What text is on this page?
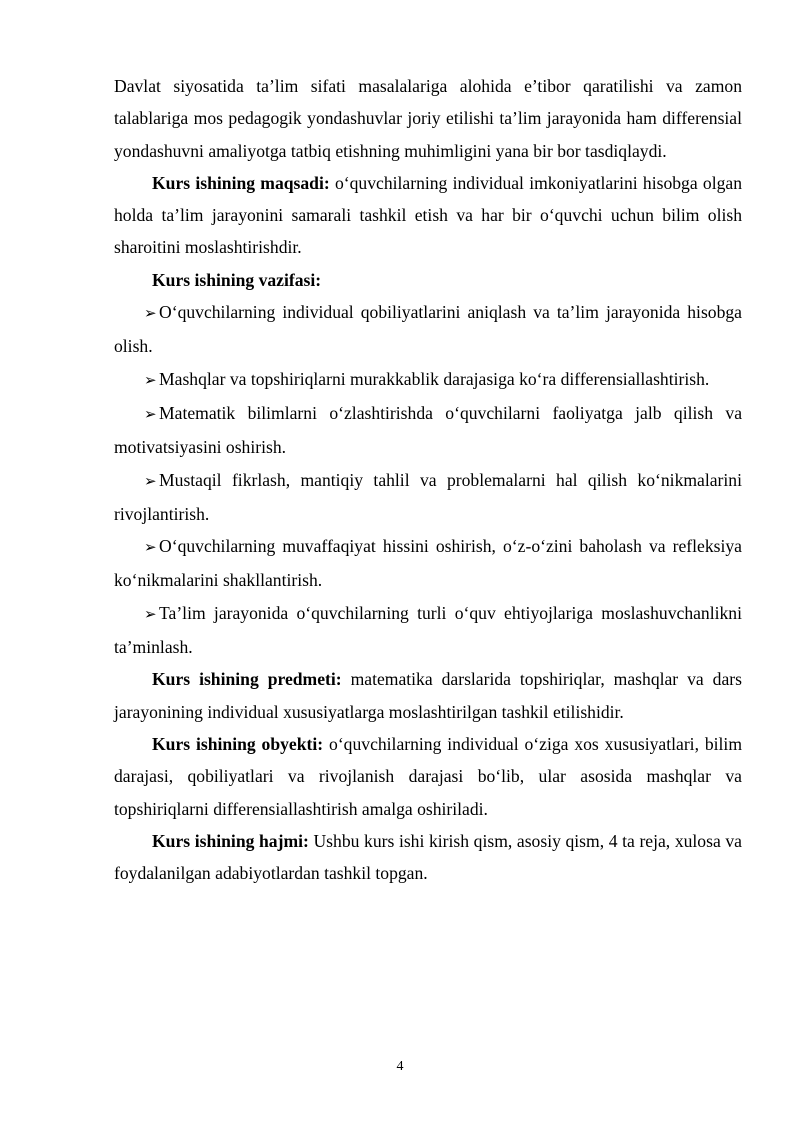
Davlat siyosatida ta’lim sifati masalalariga alohida e’tibor qaratilishi va zamon talablariga mos pedagogik yondashuvlar joriy etilishi ta’lim jarayonida ham differensial yondashuvni amaliyotga tatbiq etishning muhimligini yana bir bor tasdiqlaydi.

Kurs ishining maqsadi: o‘quvchilarning individual imkoniyatlarini hisobga olgan holda ta’lim jarayonini samarali tashkil etish va har bir o‘quvchi uchun bilim olish sharoitini moslashtirishdir.

Kurs ishining vazifasi:

➢ O‘quvchilarning individual qobiliyatlarini aniqlash va ta’lim jarayonida hisobga olish.

➢ Mashqlar va topshiriqlarni murakkablik darajasiga ko‘ra differensiallashtirish.

➢ Matematik bilimlarni o‘zlashtirishda o‘quvchilarni faoliyatga jalb qilish va motivatsiyasini oshirish.

➢ Mustaqil fikrlash, mantiqiy tahlil va problemalarni hal qilish ko‘nikmalarini rivojlantirish.

➢ O‘quvchilarning muvaffaqiyat hissini oshirish, o‘z-o‘zini baholash va refleksiya ko‘nikmalarini shakllantirish.

➢ Ta’lim jarayonida o‘quvchilarning turli o‘quv ehtiyojlariga moslashuvchanlikni ta’minlash.

Kurs ishining predmeti: matematika darslarida topshiriqlar, mashqlar va dars jarayonining individual xususiyatlarga moslashtirilgan tashkil etilishidir.

Kurs ishining obyekti: o‘quvchilarning individual o‘ziga xos xususiyatlari, bilim darajasi, qobiliyatlari va rivojlanish darajasi bo‘lib, ular asosida mashqlar va topshiriqlarni differensiallashtirish amalga oshiriladi.

Kurs ishining hajmi: Ushbu kurs ishi kirish qism, asosiy qism, 4 ta reja, xulosa va foydalanilgan adabiyotlardan tashkil topgan.

4
